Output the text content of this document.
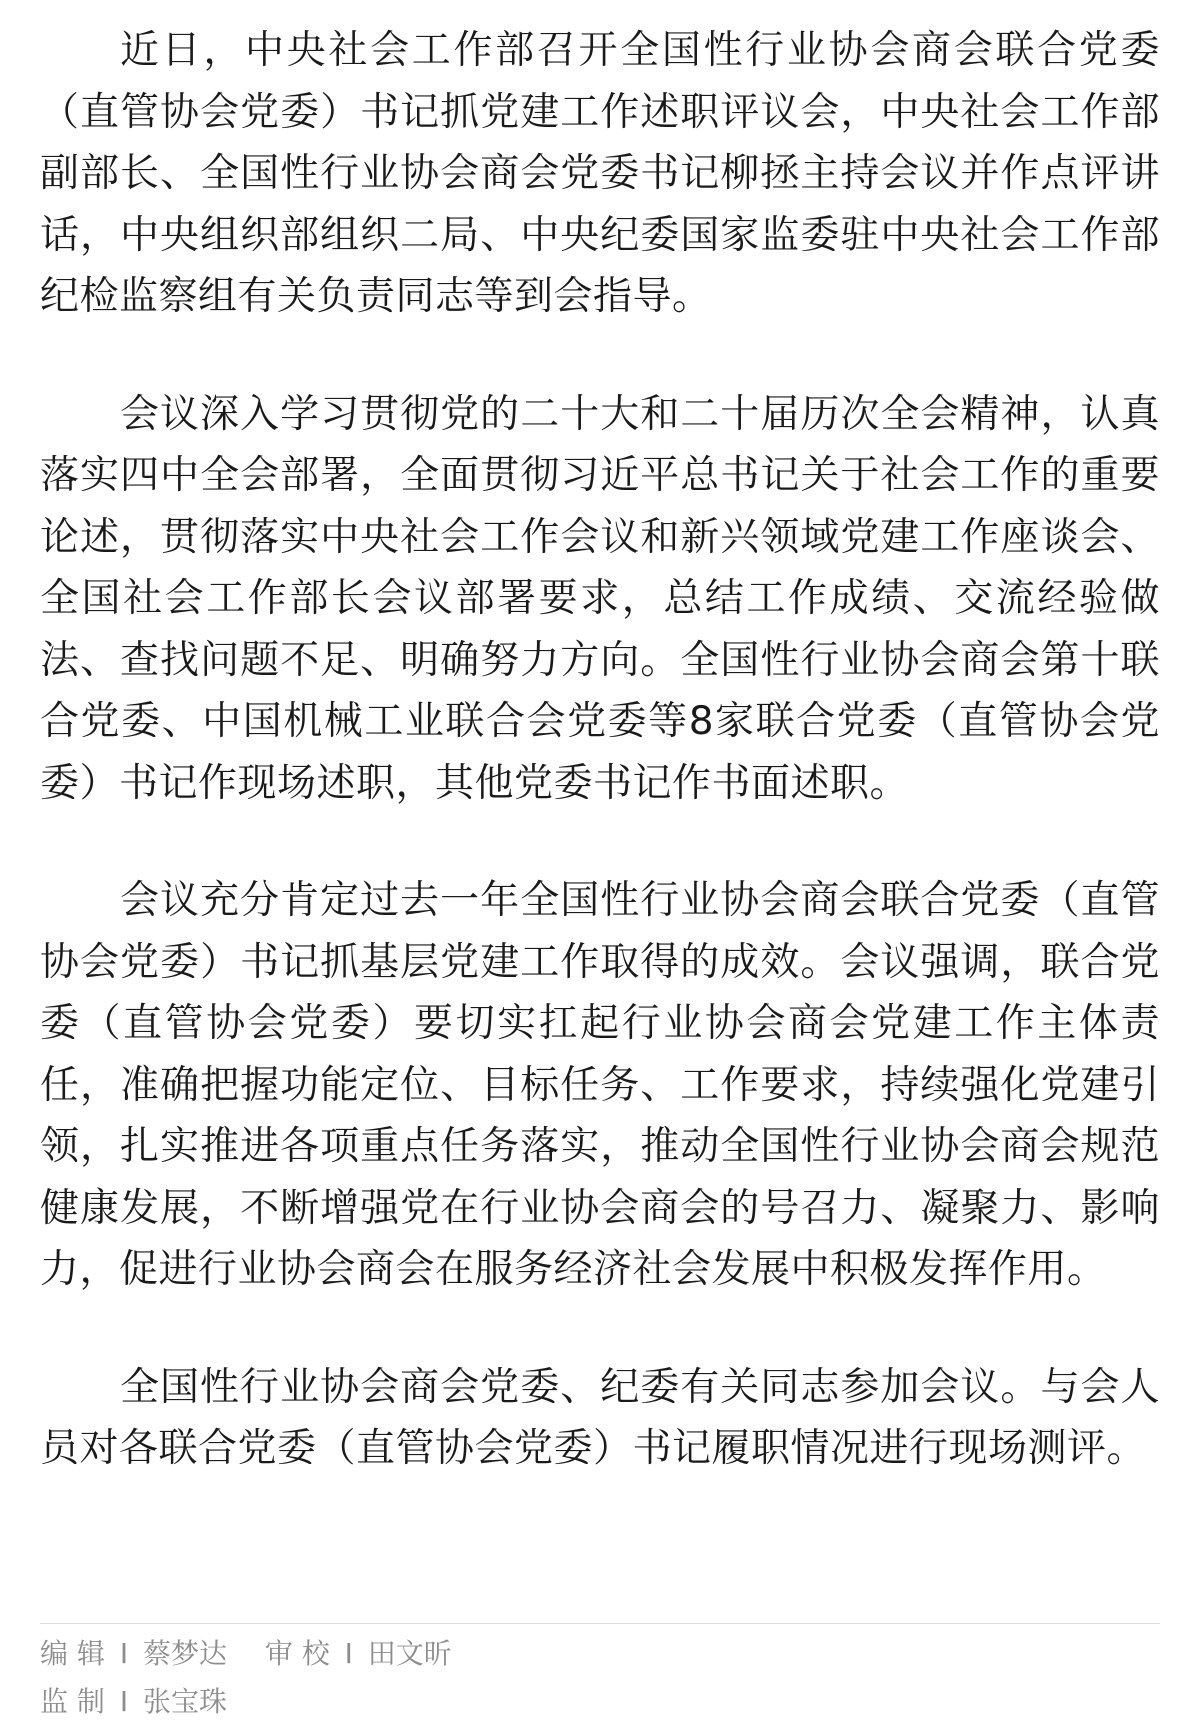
近日，中央社会工作部召开全国性行业协会商会联合党委（直管协会党委）书记抓党建工作述职评议会，中央社会工作部副部长、全国性行业协会商会党委书记柳拯主持会议并作点评讲话，中央组织部组织二局、中央纪委国家监委驻中央社会工作部纪检监察组有关负责同志等到会指导。

会议深入学习贯彻党的二十大和二十届历次全会精神，认真落实四中全会部署，全面贯彻习近平总书记关于社会工作的重要论述，贯彻落实中央社会工作会议和新兴领域党建工作座谈会、全国社会工作部长会议部署要求，总结工作成绩、交流经验做法、查找问题不足、明确努力方向。全国性行业协会商会第十联合党委、中国机械工业联合会党委等8家联合党委（直管协会党委）书记作现场述职，其他党委书记作书面述职。

会议充分肯定过去一年全国性行业协会商会联合党委（直管协会党委）书记抓基层党建工作取得的成效。会议强调，联合党委（直管协会党委）要切实扛起行业协会商会党建工作主体责任，准确把握功能定位、目标任务、工作要求，持续强化党建引领，扎实推进各项重点任务落实，推动全国性行业协会商会规范健康发展，不断增强党在行业协会商会的号召力、凝聚力、影响力，促进行业协会商会在服务经济社会发展中积极发挥作用。

全国性行业协会商会党委、纪委有关同志参加会议。与会人员对各联合党委（直管协会党委）书记履职情况进行现场测评。

编 辑 I 蔡梦达 审 校 I 田文昕
监 制 I 张宝珠
